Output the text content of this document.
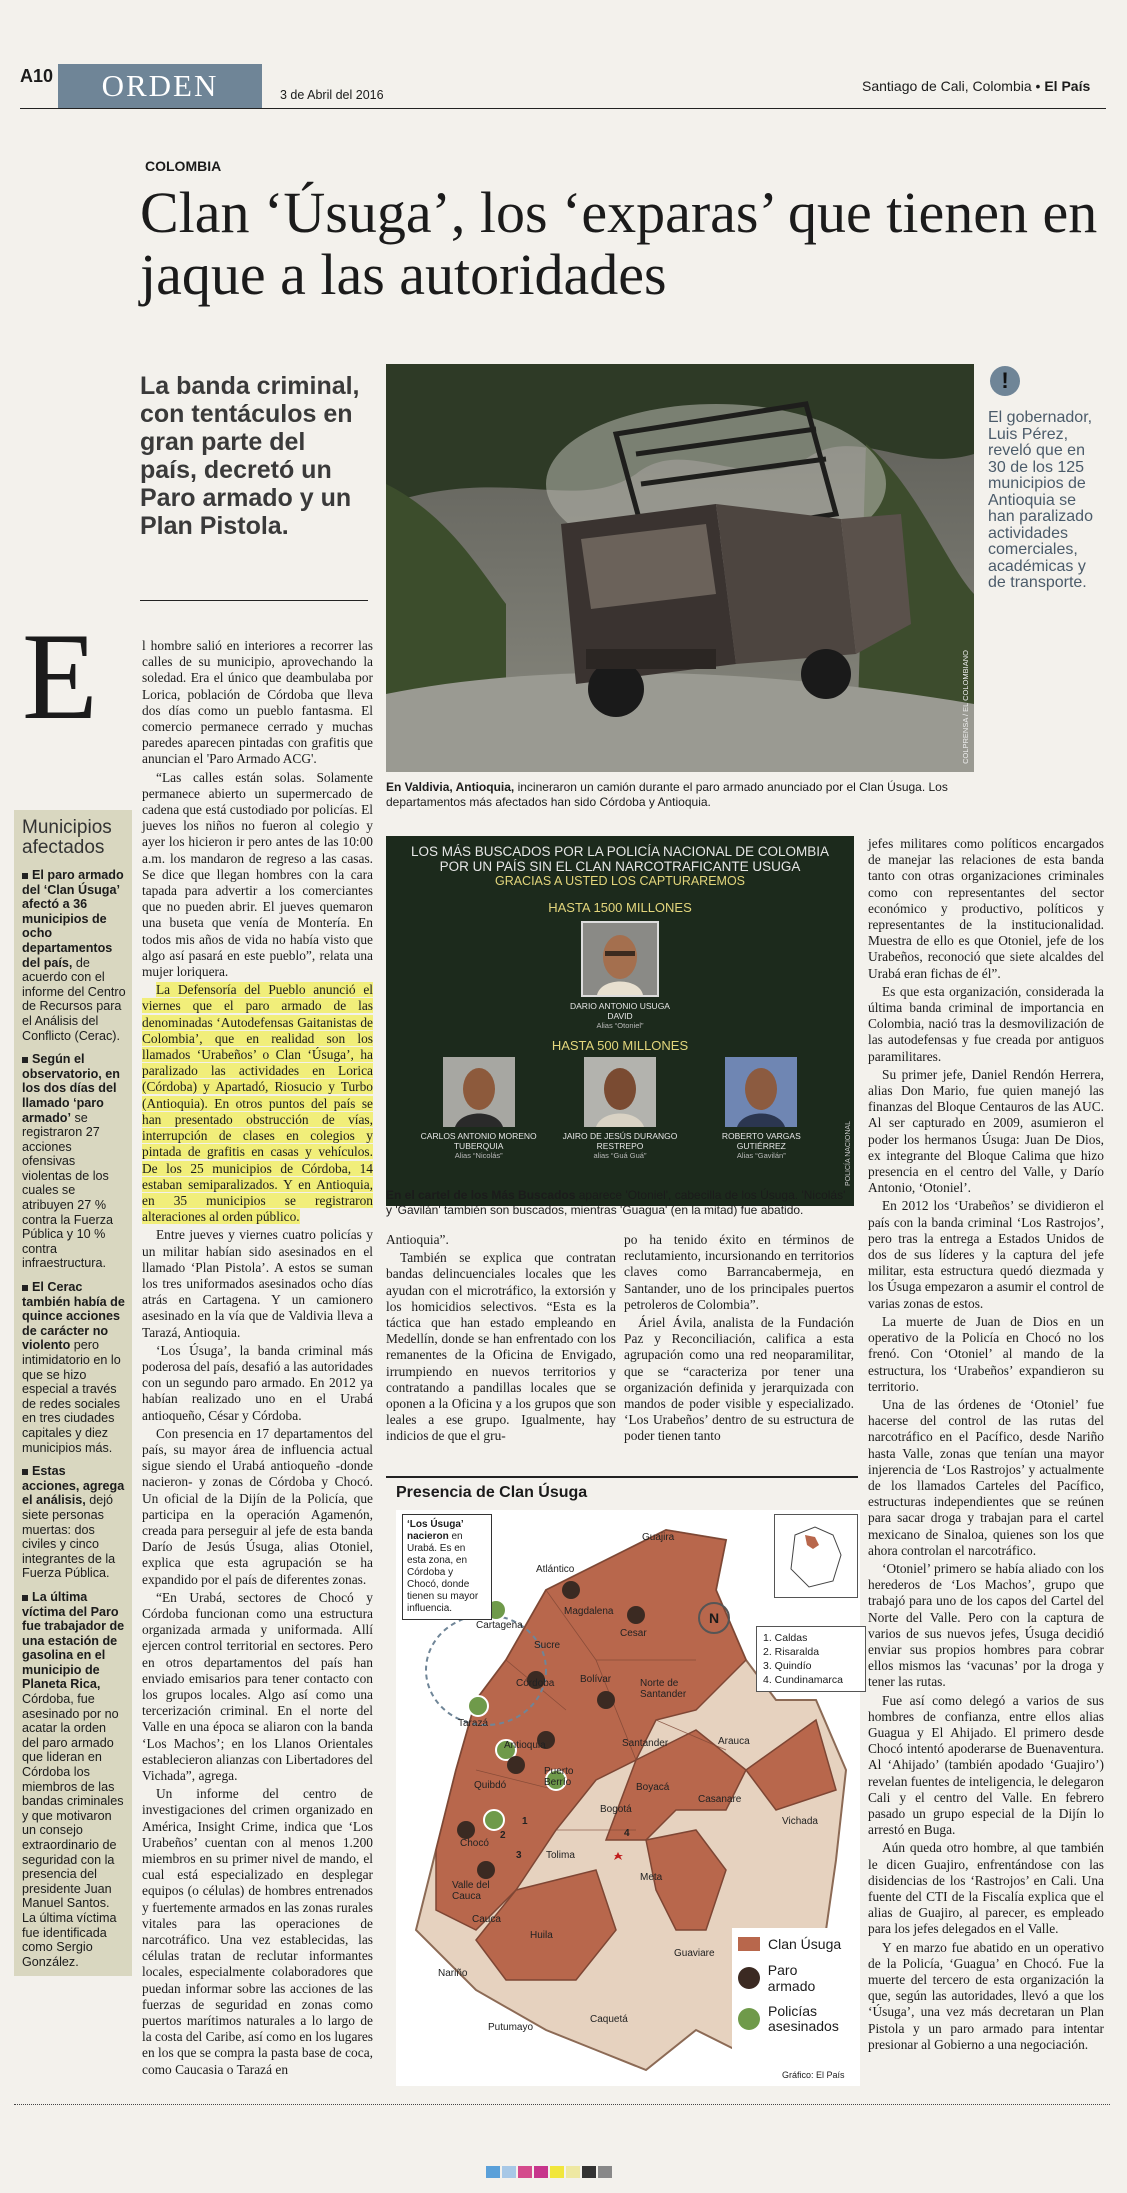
A10	ORDEN	3 de Abril del 2016
Santiago de Cali, Colombia • El País
COLOMBIA
Clan ‘Úsuga’, los ‘exparas’ que tienen en jaque a las autoridades
La banda criminal, con tentáculos en gran parte del país, decretó un Paro armado y un Plan Pistola.
E
Municipios afectados
El paro armado del ‘Clan Úsuga’ afectó a 36 municipios de ocho departamentos del país, de acuerdo con el informe del Centro de Recursos para el Análisis del Conflicto (Cerac).
Según el observatorio, en los dos días del llamado ‘paro armado’ se registraron 27 acciones ofensivas violentas de los cuales se atribuyen 27 % contra la Fuerza Pública y 10 % contra infraestructura.
El Cerac también había de quince acciones de carácter no violento pero intimidatorio en lo que se hizo especial a través de redes sociales en tres ciudades capitales y diez municipios más.
Estas acciones, agrega el análisis, dejó siete personas muertas: dos civiles y cinco integrantes de la Fuerza Pública.
La última víctima del Paro fue trabajador de una estación de gasolina en el municipio de Planeta Rica, Córdoba, fue asesinado por no acatar la orden del paro armado que lideran en Córdoba los miembros de las bandas criminales y que motivaron un consejo extraordinario de seguridad con la presencia del presidente Juan Manuel Santos. La última víctima fue identificada como Sergio González.

l hombre salió en interiores a recorrer las calles de su municipio, aprovechando la soledad. Era el único que deambulaba por Lorica, población de Córdoba que lleva dos días como un pueblo fantasma. El comercio permanece cerrado y muchas paredes aparecen pintadas con grafitis que anuncian el 'Paro Armado ACG'.

“Las calles están solas. Solamente permanece abierto un supermercado de cadena que está custodiado por policías. El jueves los niños no fueron al colegio y ayer los hicieron ir pero antes de las 10:00 a.m. los mandaron de regreso a las casas. Se dice que llegan hombres con la cara tapada para advertir a los comerciantes que no pueden abrir. El jueves quemaron una buseta que venía de Montería. En todos mis años de vida no había visto que algo así pasará en este pueblo”, relata una mujer loriquera.

La Defensoría del Pueblo anunció el viernes que el paro armado de las denominadas ‘Autodefensas Gaitanistas de Colombia’, que en realidad son los llamados ‘Urabeños’ o Clan ‘Úsuga’, ha paralizado las actividades en Lorica (Córdoba) y Apartadó, Riosucio y Turbo (Antioquia). En otros puntos del país se han presentado obstrucción de vías, interrupción de clases en colegios y pintada de grafitis en casas y vehículos. De los 25 municipios de Córdoba, 14 estaban semiparalizados. Y en Antioquia, en 35 municipios se registraron alteraciones al orden público.

Entre jueves y viernes cuatro policías y un militar habían sido asesinados en el llamado ‘Plan Pistola’. A estos se suman los tres uniformados asesinados ocho días atrás en Cartagena. Y un camionero asesinado en la vía que de Valdivia lleva a Tarazá, Antioquia.

‘Los Úsuga’, la banda criminal más poderosa del país, desafió a las autoridades con un segundo paro armado. En 2012 ya habían realizado uno en el Urabá antioqueño, César y Córdoba.

Con presencia en 17 departamentos del país, su mayor área de influencia actual sigue siendo el Urabá antioqueño -donde nacieron- y zonas de Córdoba y Chocó. Un oficial de la Dijín de la Policía, que participa en la operación Agamenón, creada para perseguir al jefe de esta banda Darío de Jesús Úsuga, alias Otoniel, explica que esta agrupación se ha expandido por el país de diferentes zonas.

“En Urabá, sectores de Chocó y Córdoba funcionan como una estructura organizada armada y uniformada. Allí ejercen control territorial en sectores. Pero en otros departamentos del país han enviado emisarios para tener contacto con los grupos locales. Algo así como una tercerización criminal. En el norte del Valle en una época se aliaron con la banda ‘Los Machos’; en los Llanos Orientales establecieron alianzas con Libertadores del Vichada”, agrega.

Un informe del centro de investigaciones del crimen organizado en América, Insight Crime, indica que ‘Los Urabeños’ cuentan con al menos 1.200 miembros en su primer nivel de mando, el cual está especializado en desplegar equipos (o células) de hombres entrenados y fuertemente armados en las zonas rurales vitales para las operaciones de narcotráfico. Una vez establecidas, las células tratan de reclutar informantes locales, especialmente colaboradores que puedan informar sobre las acciones de las fuerzas de seguridad en zonas como puertos marítimos naturales a lo largo de la costa del Caribe, así como en los lugares en los que se compra la pasta base de coca, como Caucasia o Tarazá en

COLPRENSA / EL COLOMBIANO
En Valdivia, Antioquia, incineraron un camión durante el paro armado anunciado por el Clan Úsuga. Los departamentos más afectados han sido Córdoba y Antioquia.
!
El gobernador, Luis Pérez, reveló que en 30 de los 125 municipios de Antioquia se han paralizado actividades comerciales, académicas y de transporte.
LOS MÁS BUSCADOS POR LA POLICÍA NACIONAL DE COLOMBIA
POR UN PAÍS SIN EL CLAN NARCOTRAFICANTE USUGA
GRACIAS A USTED LOS CAPTURAREMOS
HASTA 1500 MILLONES
DARIO ANTONIO USUGA DAVID
Alias “Otoniel”
HASTA 500 MILLONES
CARLOS ANTONIO MORENO TUBERQUIA
Alias “Nicolás”
JAIRO DE JESÚS DURANGO RESTREPO
alias “Guá Guá”
ROBERTO VARGAS GUTIÉRREZ
Alias “Gavilán”	POLICÍA NACIONAL
En el cartel de los Más Buscados aparece 'Otoniel', cabecilla de los Úsuga. 'Nicolás' y 'Gavilán' también son buscados, mientras 'Guagua' (en la mitad) fue abatido.

Antioquia”.

También se explica que contratan bandas delincuenciales locales que les ayudan con el microtráfico, la extorsión y los homicidios selectivos. “Esta es la táctica que han estado empleando en Medellín, donde se han enfrentado con los remanentes de la Oficina de Envigado, irrumpiendo en nuevos territorios y contratando a pandillas locales que se oponen a la Oficina y a los grupos que son leales a ese grupo. Igualmente, hay indicios de que el gru-

po ha tenido éxito en términos de reclutamiento, incursionando en territorios claves como Barrancabermeja, en Santander, uno de los principales puertos petroleros de Colombia”.

Áriel Ávila, analista de la Fundación Paz y Reconciliación, califica a esta agrupación como una red neoparamilitar, que se “caracteriza por tener una organización definida y jerarquizada con mandos de poder visible y especializado. ‘Los Urabeños’ dentro de su estructura de poder tienen tanto

jefes militares como políticos encargados de manejar las relaciones de esta banda tanto con otras organizaciones criminales como con representantes del sector económico y productivo, políticos y representantes de la institucionalidad. Muestra de ello es que Otoniel, jefe de los Urabeños, reconoció que siete alcaldes del Urabá eran fichas de él”.

Es que esta organización, considerada la última banda criminal de importancia en Colombia, nació tras la desmovilización de las autodefensas y fue creada por antiguos paramilitares.

Su primer jefe, Daniel Rendón Herrera, alias Don Mario, fue quien manejó las finanzas del Bloque Centauros de las AUC. Al ser capturado en 2009, asumieron el poder los hermanos Úsuga: Juan De Dios, ex integrante del Bloque Calima que hizo presencia en el centro del Valle, y Darío Antonio, ‘Otoniel’.

En 2012 los ‘Urabeños’ se dividieron el país con la banda criminal ‘Los Rastrojos’, pero tras la entrega a Estados Unidos de dos de sus líderes y la captura del jefe militar, esta estructura quedó diezmada y los Úsuga empezaron a asumir el control de varias zonas de estos.

La muerte de Juan de Dios en un operativo de la Policía en Chocó no los frenó. Con ‘Otoniel’ al mando de la estructura, los ‘Urabeños’ expandieron su territorio.

Una de las órdenes de ‘Otoniel’ fue hacerse del control de las rutas del narcotráfico en el Pacífico, desde Nariño hasta Valle, zonas que tenían una mayor injerencia de ‘Los Rastrojos’ y actualmente de los llamados Carteles del Pacífico, estructuras independientes que se reúnen para sacar droga y trabajan para el cartel mexicano de Sinaloa, quienes son los que ahora controlan el narcotráfico.

‘Otoniel’ primero se había aliado con los herederos de ‘Los Machos’, grupo que trabajó para uno de los capos del Cartel del Norte del Valle. Pero con la captura de varios de sus nuevos jefes, Úsuga decidió enviar sus propios hombres para cobrar ellos mismos las ‘vacunas’ por la droga y tener las rutas.

Fue así como delegó a varios de sus hombres de confianza, entre ellos alias Guagua y El Ahijado. El primero desde Chocó intentó apoderarse de Buenaventura. Al ‘Ahijado’ (también apodado ‘Guajiro’) revelan fuentes de inteligencia, le delegaron Cali y el centro del Valle. En febrero pasado un grupo especial de la Dijín lo arrestó en Buga.

Aún queda otro hombre, al que también le dicen Guajiro, enfrentándose con las disidencias de los ‘Rastrojos’ en Cali. Una fuente del CTI de la Fiscalía explica que el alias de Guajiro, al parecer, es empleado para los jefes delegados en el Valle.

Y en marzo fue abatido en un operativo de la Policía, ‘Guagua’ en Chocó. Fue la muerte del tercero de esta organización la que, según las autoridades, llevó a que los ‘Úsuga’, una vez más decretaran un Plan Pistola y un paro armado para intentar presionar al Gobierno a una negociación.

Presencia de Clan Úsuga
Guajira
Atlántico
Magdalena
Cesar
Cartagena
Sucre
Córdoba	Bolívar	Norte de Santander
Antioquia	Santander	Arauca
Chocó
Quibdó
Tarazá
Puerto Berrío	Boyacá
Casanare
Bogotá
Vichada
Tolima
Valle del Cauca
Meta
Cauca
Huila
Guaviare
Nariño
Putumayo
Caquetá
1
2
3
4
‘Los Úsuga’ nacieron en Urabá. Es en esta zona, en Córdoba y Chocó, donde tienen su mayor influencia.
N
1. Caldas
2. Risaralda
3. Quindío
4. Cundinamarca
Clan Úsuga
Paro armado
Policías asesinados
Gráfico: El País
